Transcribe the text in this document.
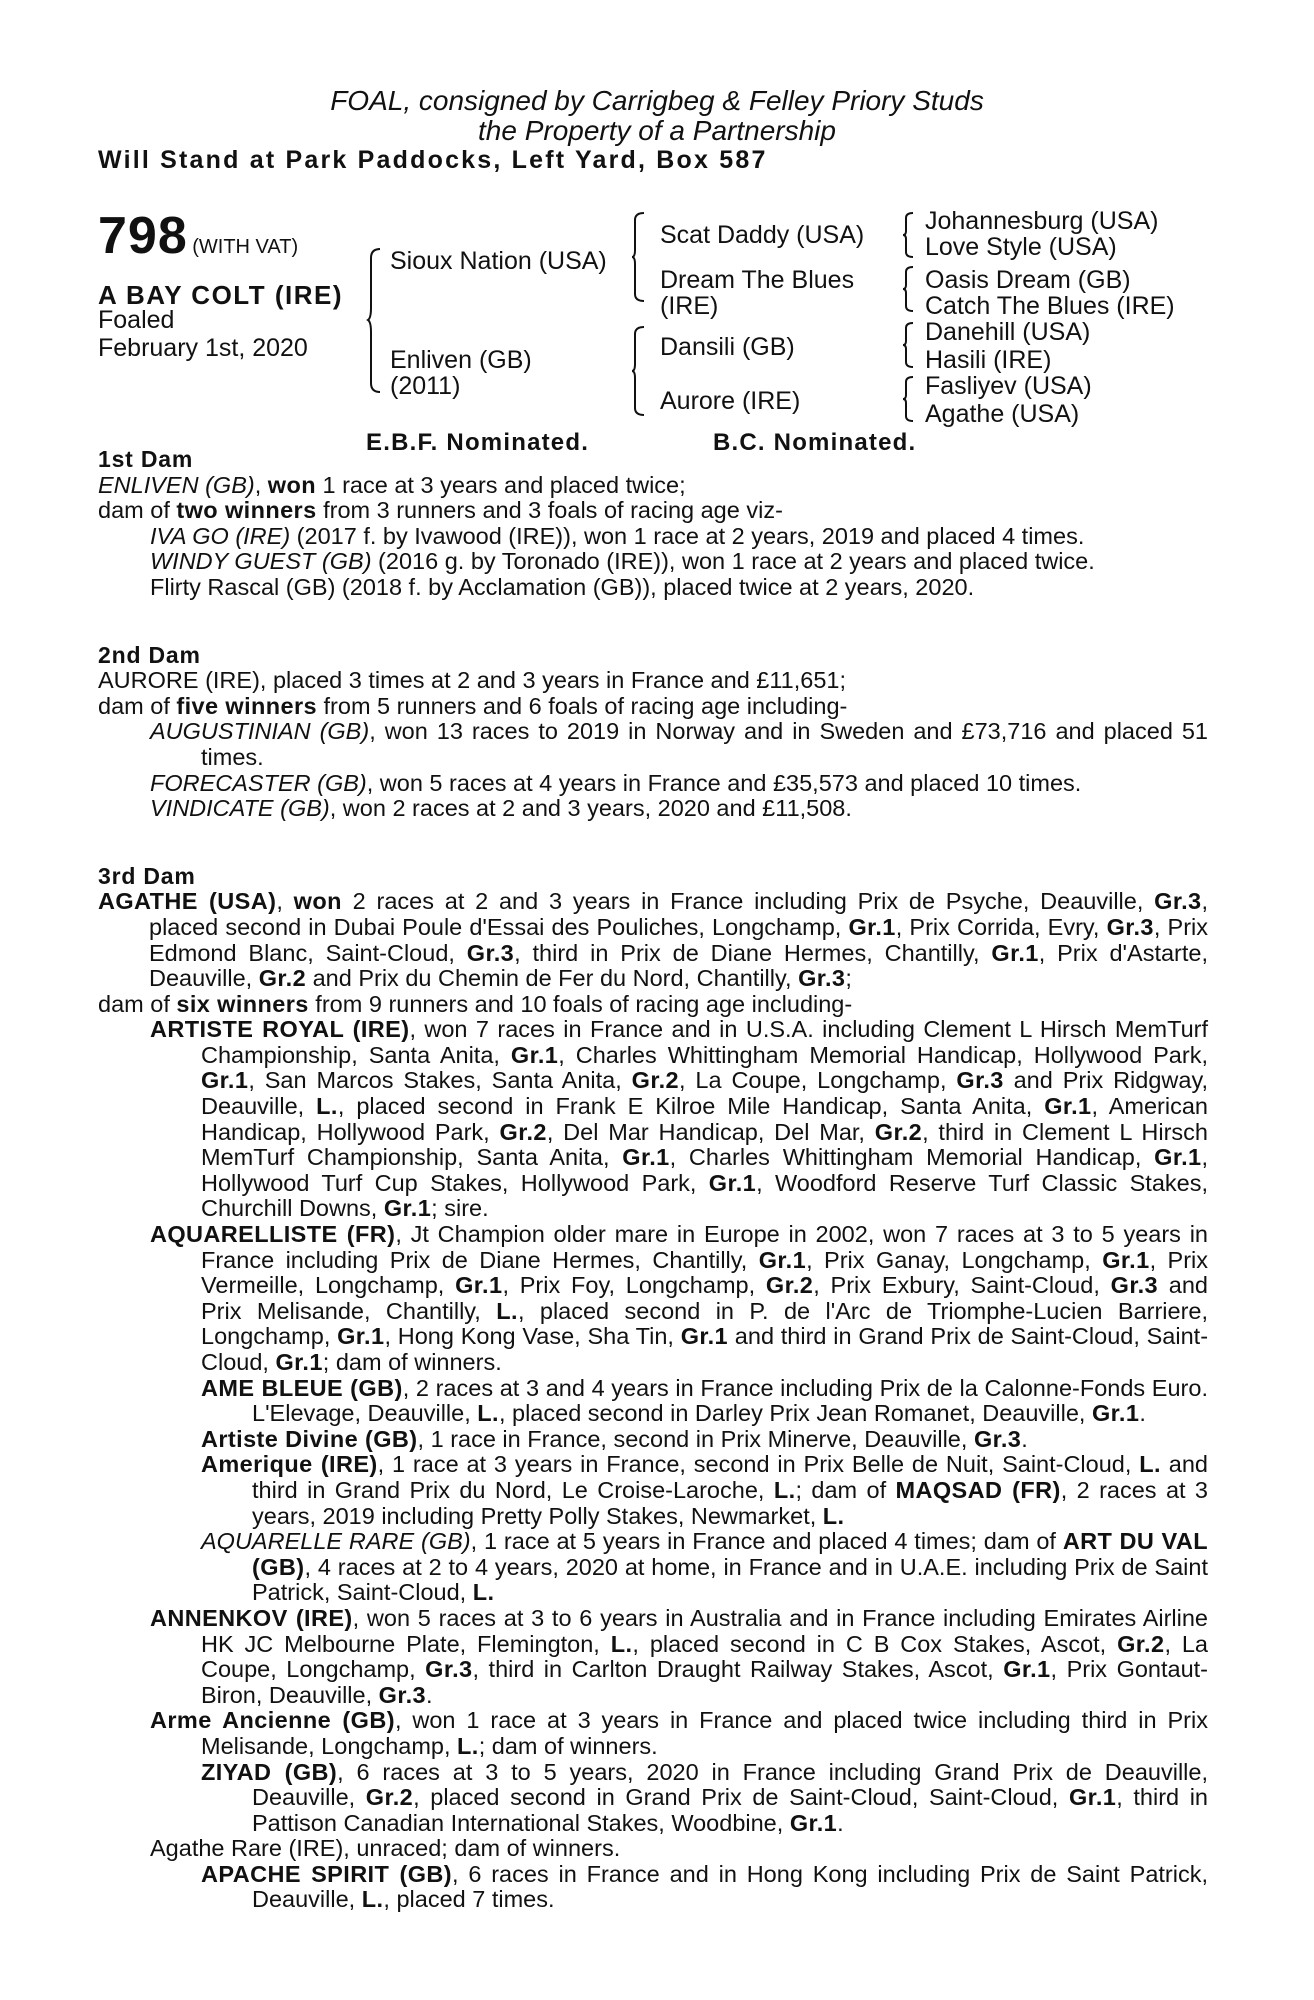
FOAL, consigned by Carrigbeg & Felley Priory Studs
the Property of a Partnership
Will Stand at Park Paddocks, Left Yard, Box 587
798 (WITH VAT)
A BAY COLT (IRE)
Foaled
February 1st, 2020
Sioux Nation (USA)
Enliven (GB)
(2011)
Scat Daddy (USA)
Dream The Blues
(IRE)
Dansili (GB)
Aurore (IRE)
Johannesburg (USA)
Love Style (USA)
Oasis Dream (GB)
Catch The Blues (IRE)
Danehill (USA)
Hasili (IRE)
Fasliyev (USA)
Agathe (USA)
E.B.F. Nominated.	B.C. Nominated.
1st Dam
ENLIVEN (GB), won 1 race at 3 years and placed twice;
dam of two winners from 3 runners and 3 foals of racing age viz-
IVA GO (IRE) (2017 f. by Ivawood (IRE)), won 1 race at 2 years, 2019 and placed 4 times.
WINDY GUEST (GB) (2016 g. by Toronado (IRE)), won 1 race at 2 years and placed twice.
Flirty Rascal (GB) (2018 f. by Acclamation (GB)), placed twice at 2 years, 2020.
2nd Dam
AURORE (IRE), placed 3 times at 2 and 3 years in France and £11,651;
dam of five winners from 5 runners and 6 foals of racing age including-
AUGUSTINIAN (GB), won 13 races to 2019 in Norway and in Sweden and £73,716 and placed 51 times.
FORECASTER (GB), won 5 races at 4 years in France and £35,573 and placed 10 times.
VINDICATE (GB), won 2 races at 2 and 3 years, 2020 and £11,508.
3rd Dam
AGATHE (USA), won 2 races at 2 and 3 years in France including Prix de Psyche, Deauville, Gr.3, placed second in Dubai Poule d'Essai des Pouliches, Longchamp, Gr.1, Prix Corrida, Evry, Gr.3, Prix Edmond Blanc, Saint-Cloud, Gr.3, third in Prix de Diane Hermes, Chantilly, Gr.1, Prix d'Astarte, Deauville, Gr.2 and Prix du Chemin de Fer du Nord, Chantilly, Gr.3;
dam of six winners from 9 runners and 10 foals of racing age including-
ARTISTE ROYAL (IRE), won 7 races in France and in U.S.A. including Clement L Hirsch MemTurf Championship, Santa Anita, Gr.1, Charles Whittingham Memorial Handicap, Hollywood Park, Gr.1, San Marcos Stakes, Santa Anita, Gr.2, La Coupe, Longchamp, Gr.3 and Prix Ridgway, Deauville, L., placed second in Frank E Kilroe Mile Handicap, Santa Anita, Gr.1, American Handicap, Hollywood Park, Gr.2, Del Mar Handicap, Del Mar, Gr.2, third in Clement L Hirsch MemTurf Championship, Santa Anita, Gr.1, Charles Whittingham Memorial Handicap, Gr.1, Hollywood Turf Cup Stakes, Hollywood Park, Gr.1, Woodford Reserve Turf Classic Stakes, Churchill Downs, Gr.1; sire.
AQUARELLISTE (FR), Jt Champion older mare in Europe in 2002, won 7 races at 3 to 5 years in France including Prix de Diane Hermes, Chantilly, Gr.1, Prix Ganay, Longchamp, Gr.1, Prix Vermeille, Longchamp, Gr.1, Prix Foy, Longchamp, Gr.2, Prix Exbury, Saint-Cloud, Gr.3 and Prix Melisande, Chantilly, L., placed second in P. de l'Arc de Triomphe-Lucien Barriere, Longchamp, Gr.1, Hong Kong Vase, Sha Tin, Gr.1 and third in Grand Prix de Saint-Cloud, Saint-Cloud, Gr.1; dam of winners.
AME BLEUE (GB), 2 races at 3 and 4 years in France including Prix de la Calonne-Fonds Euro. L'Elevage, Deauville, L., placed second in Darley Prix Jean Romanet, Deauville, Gr.1.
Artiste Divine (GB), 1 race in France, second in Prix Minerve, Deauville, Gr.3.
Amerique (IRE), 1 race at 3 years in France, second in Prix Belle de Nuit, Saint-Cloud, L. and third in Grand Prix du Nord, Le Croise-Laroche, L.; dam of MAQSAD (FR), 2 races at 3 years, 2019 including Pretty Polly Stakes, Newmarket, L.
AQUARELLE RARE (GB), 1 race at 5 years in France and placed 4 times; dam of ART DU VAL (GB), 4 races at 2 to 4 years, 2020 at home, in France and in U.A.E. including Prix de Saint Patrick, Saint-Cloud, L.
ANNENKOV (IRE), won 5 races at 3 to 6 years in Australia and in France including Emirates Airline HK JC Melbourne Plate, Flemington, L., placed second in C B Cox Stakes, Ascot, Gr.2, La Coupe, Longchamp, Gr.3, third in Carlton Draught Railway Stakes, Ascot, Gr.1, Prix Gontaut-Biron, Deauville, Gr.3.
Arme Ancienne (GB), won 1 race at 3 years in France and placed twice including third in Prix Melisande, Longchamp, L.; dam of winners.
ZIYAD (GB), 6 races at 3 to 5 years, 2020 in France including Grand Prix de Deauville, Deauville, Gr.2, placed second in Grand Prix de Saint-Cloud, Saint-Cloud, Gr.1, third in Pattison Canadian International Stakes, Woodbine, Gr.1.
Agathe Rare (IRE), unraced; dam of winners.
APACHE SPIRIT (GB), 6 races in France and in Hong Kong including Prix de Saint Patrick, Deauville, L., placed 7 times.
